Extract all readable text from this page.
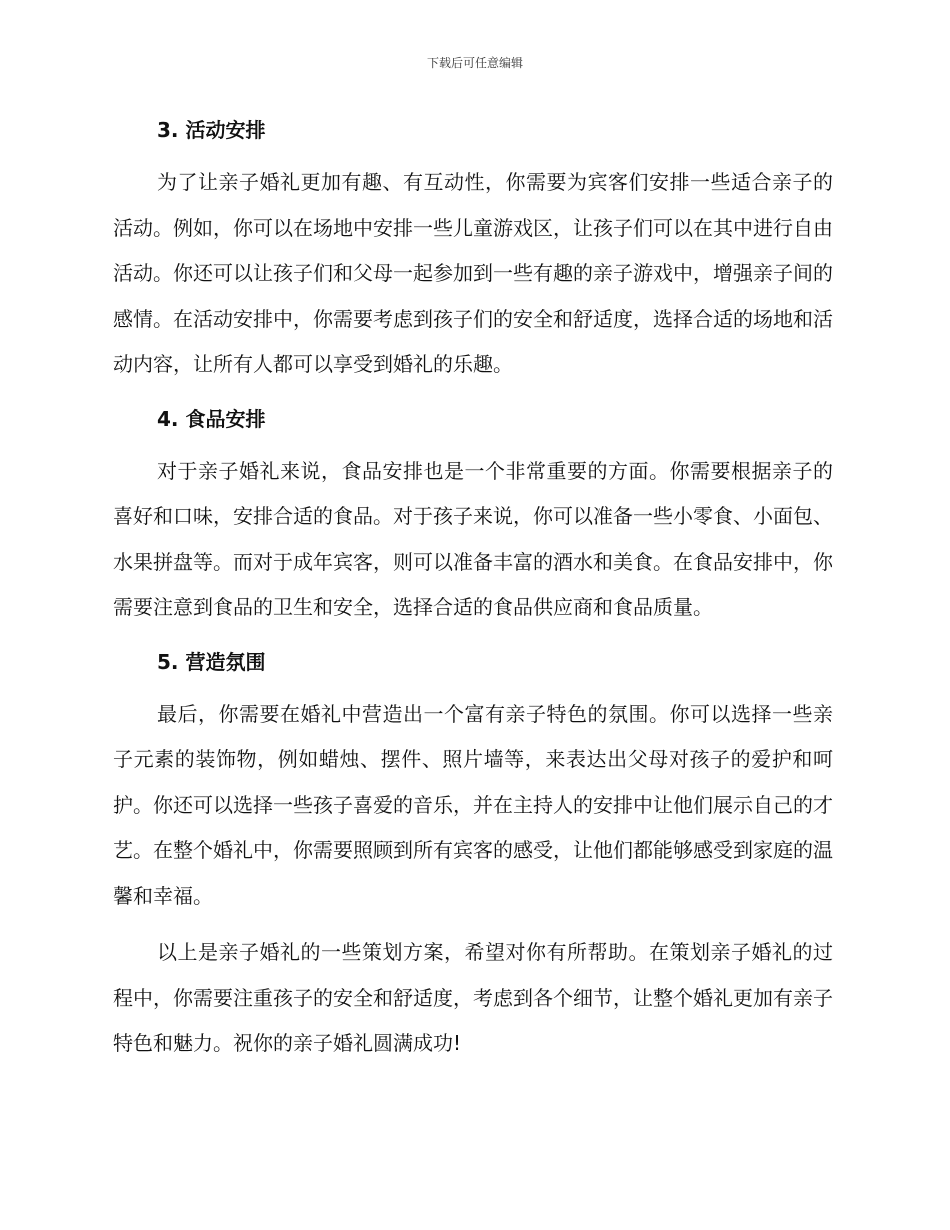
下载后可任意编辑
3. 活动安排

为了让亲子婚礼更加有趣、有互动性，你需要为宾客们安排一些适合亲子的活动。例如，你可以在场地中安排一些儿童游戏区，让孩子们可以在其中进行自由活动。你还可以让孩子们和父母一起参加到一些有趣的亲子游戏中，增强亲子间的感情。在活动安排中，你需要考虑到孩子们的安全和舒适度，选择合适的场地和活动内容，让所有人都可以享受到婚礼的乐趣。

4. 食品安排

对于亲子婚礼来说，食品安排也是一个非常重要的方面。你需要根据亲子的喜好和口味，安排合适的食品。对于孩子来说，你可以准备一些小零食、小面包、水果拼盘等。而对于成年宾客，则可以准备丰富的酒水和美食。在食品安排中，你需要注意到食品的卫生和安全，选择合适的食品供应商和食品质量。

5. 营造氛围

最后，你需要在婚礼中营造出一个富有亲子特色的氛围。你可以选择一些亲子元素的装饰物，例如蜡烛、摆件、照片墙等，来表达出父母对孩子的爱护和呵护。你还可以选择一些孩子喜爱的音乐，并在主持人的安排中让他们展示自己的才艺。在整个婚礼中，你需要照顾到所有宾客的感受，让他们都能够感受到家庭的温馨和幸福。

以上是亲子婚礼的一些策划方案，希望对你有所帮助。在策划亲子婚礼的过程中，你需要注重孩子的安全和舒适度，考虑到各个细节，让整个婚礼更加有亲子特色和魅力。祝你的亲子婚礼圆满成功!
